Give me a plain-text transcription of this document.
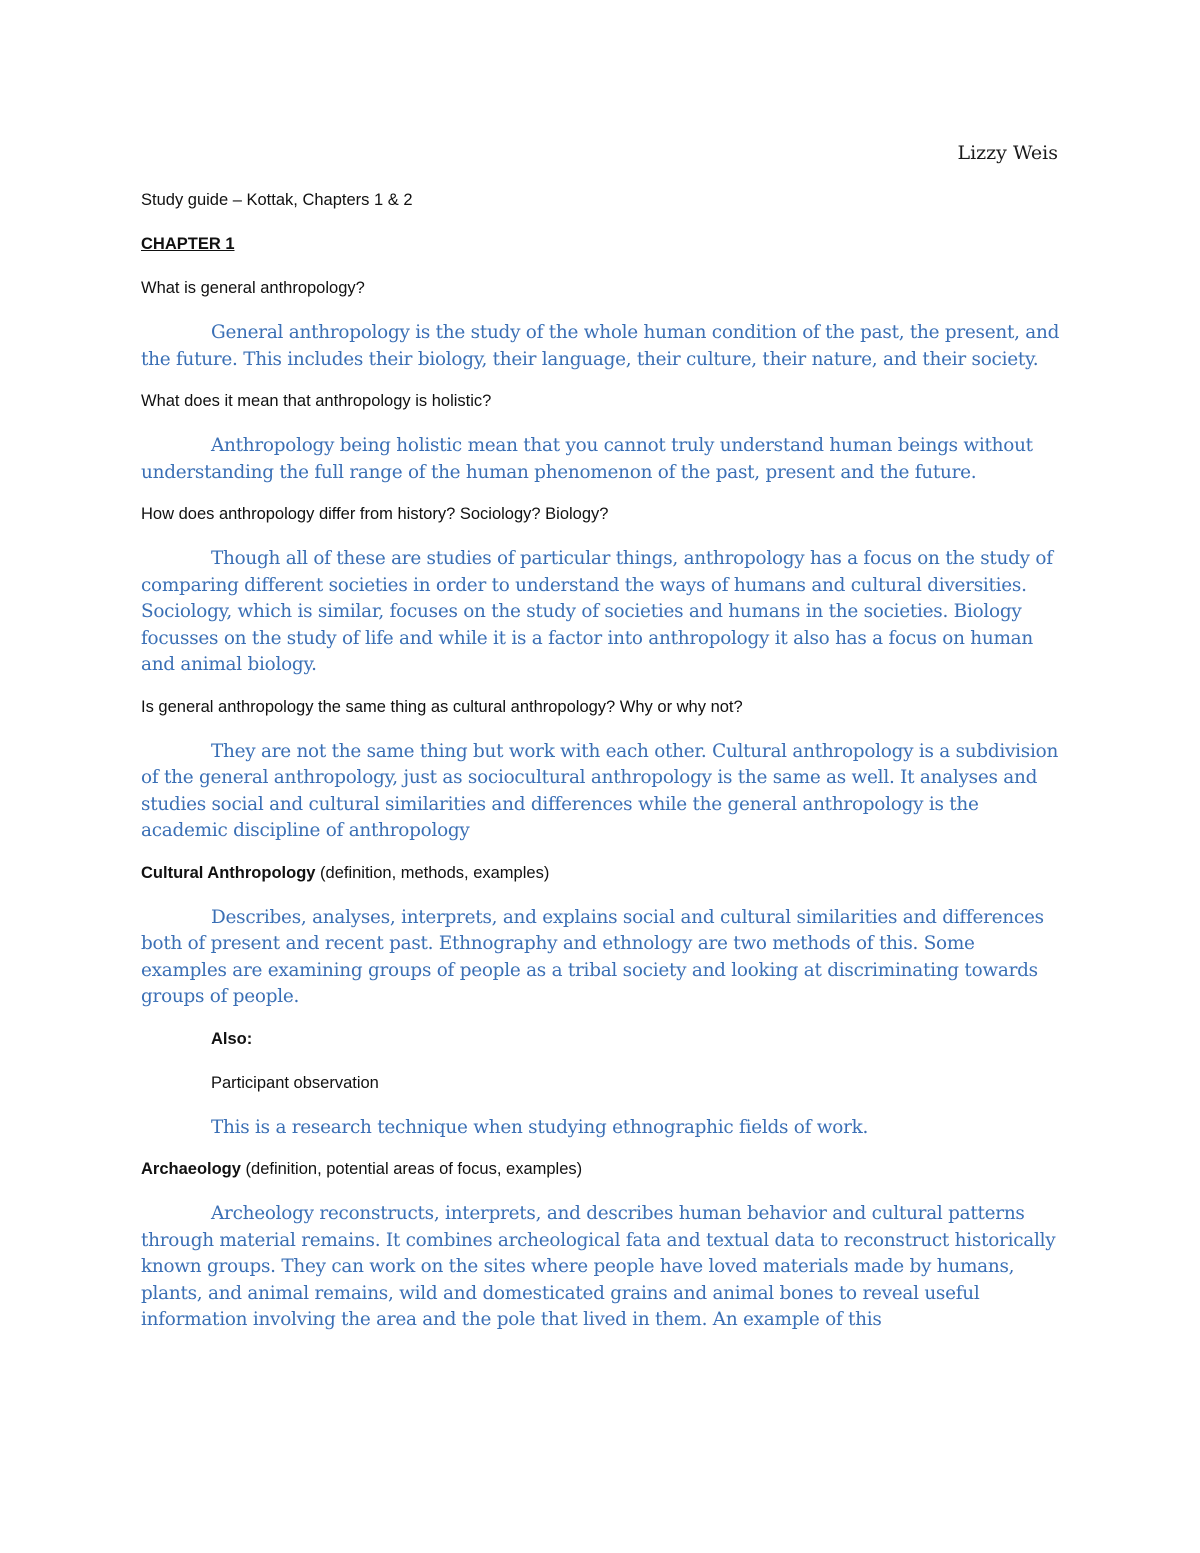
Lizzy Weis

Study guide – Kottak, Chapters 1 & 2

CHAPTER 1

What is general anthropology?

General anthropology is the study of the whole human condition of the past, the present, and the future. This includes their biology, their language, their culture, their nature, and their society.

What does it mean that anthropology is holistic?

Anthropology being holistic mean that you cannot truly understand human beings without understanding the full range of the human phenomenon of the past, present and the future.

How does anthropology differ from history? Sociology? Biology?

Though all of these are studies of particular things, anthropology has a focus on the study of comparing different societies in order to understand the ways of humans and cultural diversities. Sociology, which is similar, focuses on the study of societies and humans in the societies. Biology focusses on the study of life and while it is a factor into anthropology it also has a focus on human and animal biology.

Is general anthropology the same thing as cultural anthropology? Why or why not?

They are not the same thing but work with each other. Cultural anthropology is a subdivision of the general anthropology, just as sociocultural anthropology is the same as well. It analyses and studies social and cultural similarities and differences while the general anthropology is the academic discipline of anthropology

Cultural Anthropology (definition, methods, examples)

Describes, analyses, interprets, and explains social and cultural similarities and differences both of present and recent past. Ethnography and ethnology are two methods of this. Some examples are examining groups of people as a tribal society and looking at discriminating towards groups of people.

Also:

Participant observation

This is a research technique when studying ethnographic fields of work.

Archaeology (definition, potential areas of focus, examples)

Archeology reconstructs, interprets, and describes human behavior and cultural patterns through material remains. It combines archeological fata and textual data to reconstruct historically known groups. They can work on the sites where people have loved materials made by humans, plants, and animal remains, wild and domesticated grains and animal bones to reveal useful information involving the area and the pole that lived in them. An example of this
